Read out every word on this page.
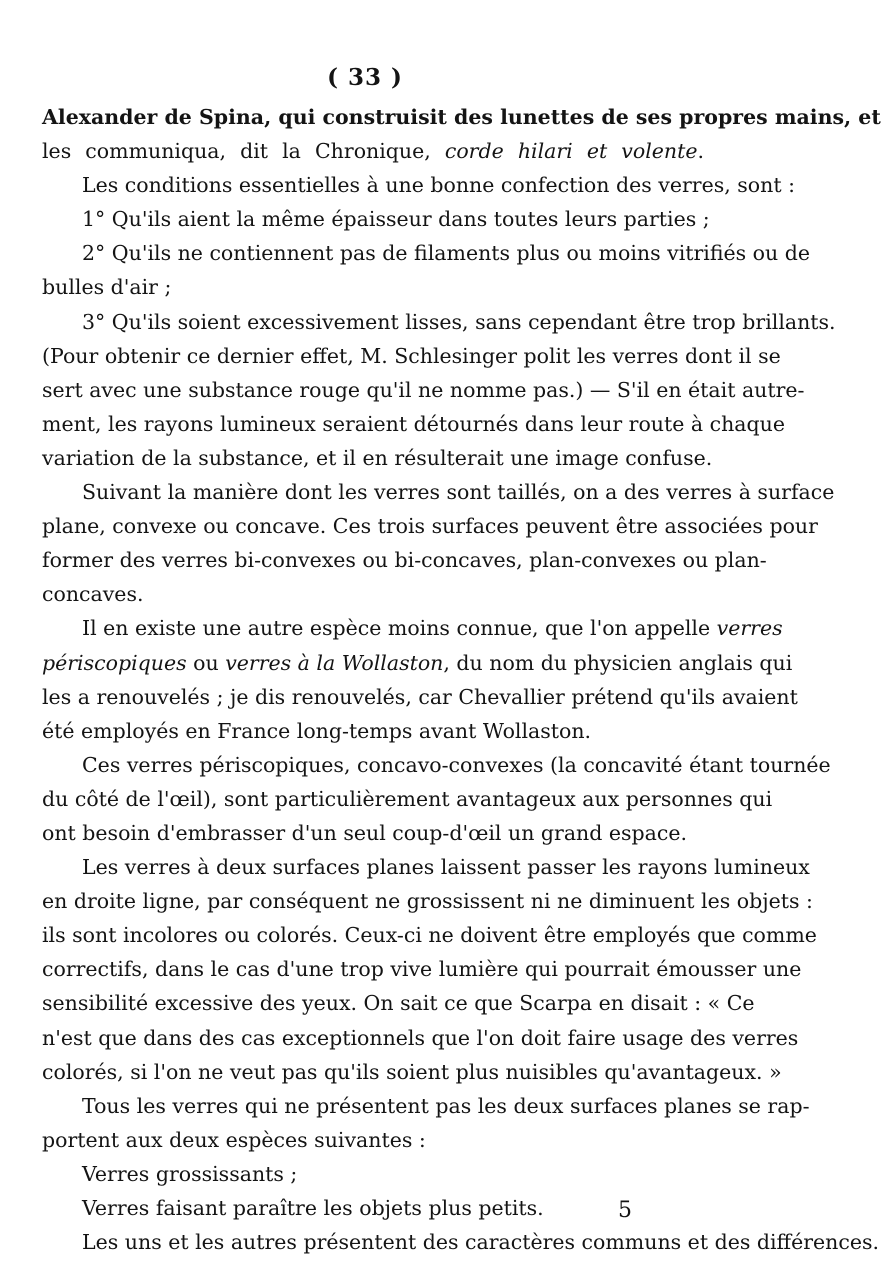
( 33 )
Alexander de Spina, qui construisit des lunettes de ses propres mains, et
les communiqua, dit la Chronique, corde hilari et volente.
Les conditions essentielles à une bonne confection des verres, sont :
1° Qu'ils aient la même épaisseur dans toutes leurs parties ;
2° Qu'ils ne contiennent pas de filaments plus ou moins vitrifiés ou de
bulles d'air ;
3° Qu'ils soient excessivement lisses, sans cependant être trop brillants.
(Pour obtenir ce dernier effet, M. Schlesinger polit les verres dont il se
sert avec une substance rouge qu'il ne nomme pas.) — S'il en était autre-
ment, les rayons lumineux seraient détournés dans leur route à chaque
variation de la substance, et il en résulterait une image confuse.
Suivant la manière dont les verres sont taillés, on a des verres à surface
plane, convexe ou concave. Ces trois surfaces peuvent être associées pour
former des verres bi-convexes ou bi-concaves, plan-convexes ou plan-
concaves.
Il en existe une autre espèce moins connue, que l'on appelle verres
périscopiques ou verres à la Wollaston, du nom du physicien anglais qui
les a renouvelés ; je dis renouvelés, car Chevallier prétend qu'ils avaient
été employés en France long-temps avant Wollaston.
Ces verres périscopiques, concavo-convexes (la concavité étant tournée
du côté de l'œil), sont particulièrement avantageux aux personnes qui
ont besoin d'embrasser d'un seul coup-d'œil un grand espace.
Les verres à deux surfaces planes laissent passer les rayons lumineux
en droite ligne, par conséquent ne grossissent ni ne diminuent les objets :
ils sont incolores ou colorés. Ceux-ci ne doivent être employés que comme
correctifs, dans le cas d'une trop vive lumière qui pourrait émousser une
sensibilité excessive des yeux. On sait ce que Scarpa en disait : « Ce
n'est que dans des cas exceptionnels que l'on doit faire usage des verres
colorés, si l'on ne veut pas qu'ils soient plus nuisibles qu'avantageux. »
Tous les verres qui ne présentent pas les deux surfaces planes se rap-
portent aux deux espèces suivantes :
Verres grossissants ;
Verres faisant paraître les objets plus petits.
Les uns et les autres présentent des caractères communs et des différences.
5
